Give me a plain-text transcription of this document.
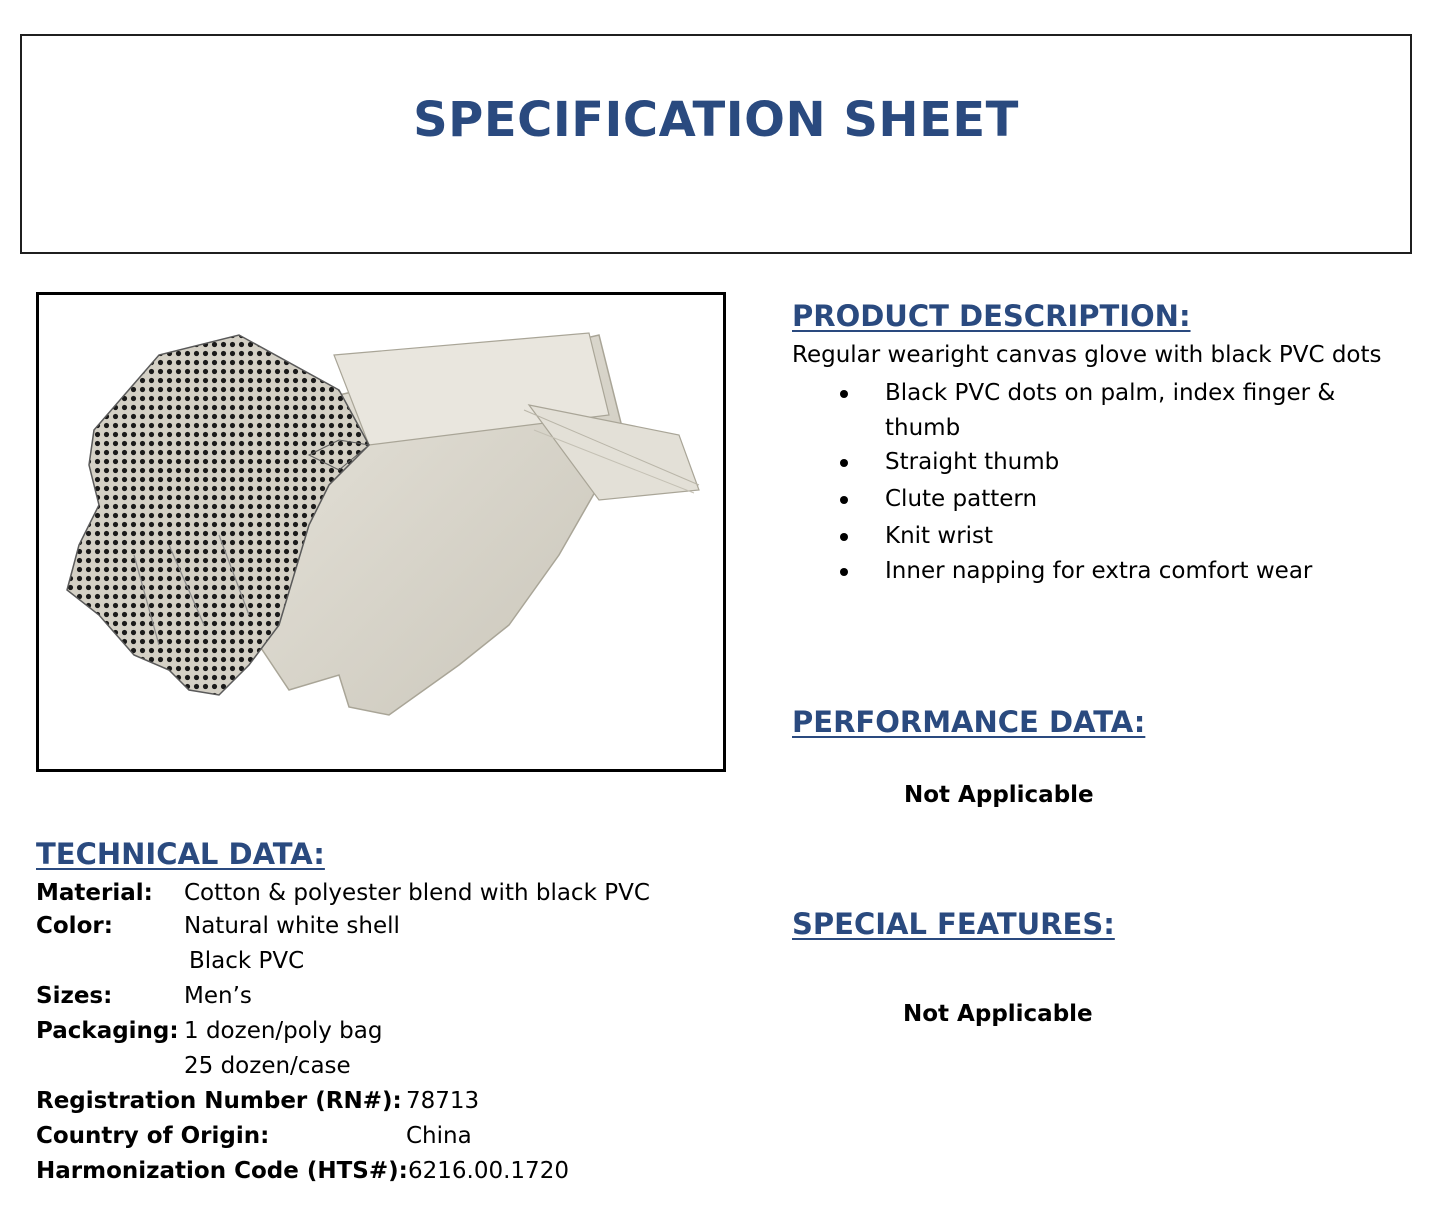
SPECIFICATION SHEET
PRODUCT DESCRIPTION:
Regular wearight canvas glove with black PVC dots
Black PVC dots on palm, index finger & thumb
Straight thumb
Clute pattern
Knit wrist
Inner napping for extra comfort wear
PERFORMANCE DATA:
Not Applicable
SPECIAL FEATURES:
Not Applicable
TECHNICAL DATA:
Material: Cotton & polyester blend with black PVC
Color:	Natural white shell
Black PVC
Sizes:	Men’s
Packaging: 1 dozen/poly bag
25 dozen/case
Registration Number (RN#): 78713
Country of Origin:	China
Harmonization Code (HTS#): 6216.00.1720
